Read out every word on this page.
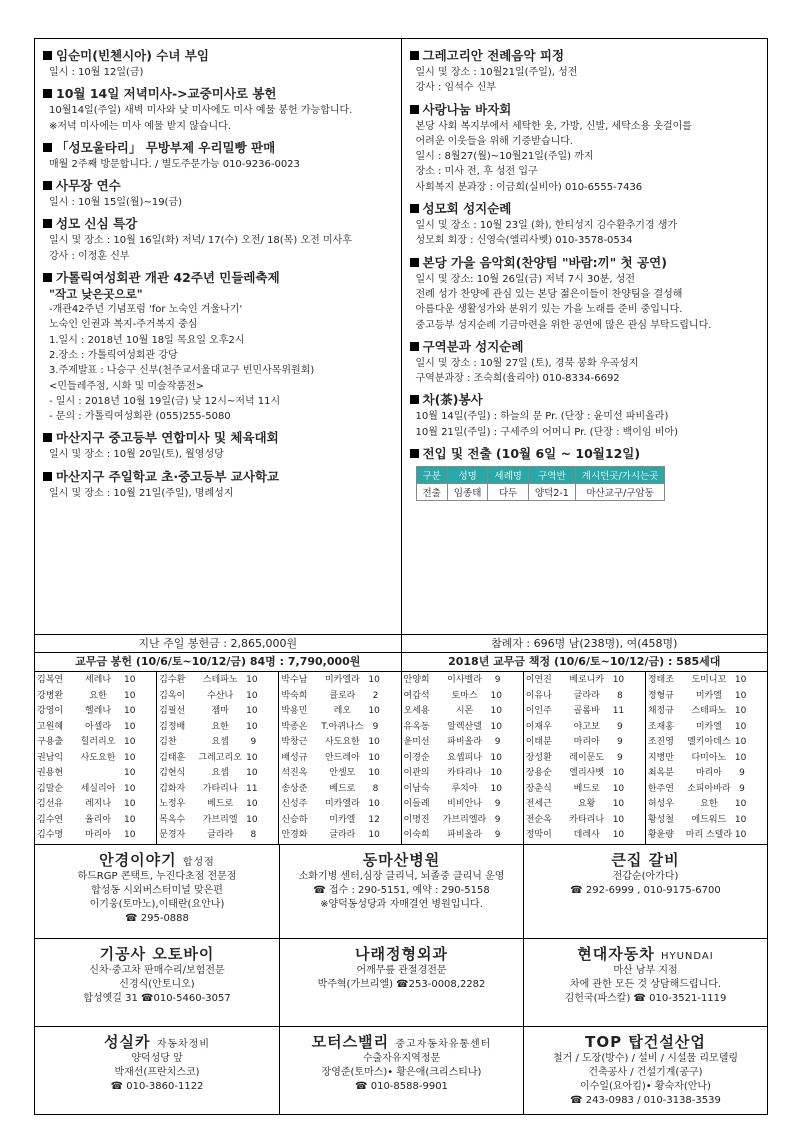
임순미(빈첸시아) 수녀 부임
일시 : 10월 12일(금)
10월 14일 저녁미사->교중미사로 봉헌
10월14일(주일) 새벽 미사와 낮 미사에도 미사 예물 봉헌 가능합니다.
※저녁 미사에는 미사 예물 받지 않습니다.
「성모울타리」 무방부제 우리밀빵 판매
매월 2주째 방문합니다. / 별도주문가능 010-9236-0023
사무장 연수
일시 : 10월 15일(월)~19(금)
성모 신심 특강
일시 및 장소 : 10월 16일(화) 저녁/ 17(수) 오전/ 18(목) 오전 미사후
강사 : 이정훈 신부
가톨릭여성회관 개관 42주년 민들레축제
"작고 낮은곳으로"
-개관42주년 기념포럼 'for 노숙인 겨울나기'
노숙인 인권과 복지-주거복지 중심
1.일시 : 2018년 10월 18일 목요일 오후2시
2.장소 : 가톨릭여성회관 강당
3.주제발표 : 나승구 신부(천주교서울대교구 빈민사목위원회)
<민들레주점, 시화 및 미술작품전>
- 일시 : 2018년 10월 19일(금) 낮 12시~저녁 11시
- 문의 : 가톨릭여성회관 (055)255-5080
마산지구 중고등부 연합미사 및 체육대회
일시 및 장소 : 10월 20일(토), 월영성당
마산지구 주일학교 초·중고등부 교사학교
일시 및 장소 : 10월 21일(주일), 명례성지
그레고리안 전례음악 피정
일시 및 장소 : 10월21일(주일), 성전
강사 : 임석수 신부
사랑나눔 바자회
본당 사회 복지부에서 세탁한 옷, 가방, 신발, 세탁소용 옷걸이를
어려운 이웃들을 위해 기증받습니다.
일시 : 8월27(월)~10월21일(주일) 까지
장소 : 미사 전, 후 성전 입구
사회복지 분과장 : 이금희(실비아) 010-6555-7436
성모회 성지순례
일시 및 장소 : 10월 23일 (화), 한티성지 김수환추기경 생가
성모회 회장 : 신영숙(엘리사벳) 010-3578-0534
본당 가을 음악회(찬양팀 "바람:끼" 첫 공연)
일시 및 장소: 10월 26일(금) 저녁 7시 30분, 성전
전례 성가 찬양에 관심 있는 본당 젊은이들이 찬양팀을 결성해
아름다운 생활성가와 분위기 있는 가을 노래를 준비 중입니다.
중고등부 성지순례 기금마련을 위한 공연에 많은 관심 부탁드립니다.
구역분과 성지순례
일시 및 장소 : 10월 27일 (토), 경북 봉화 우곡성지
구역분과장 : 조숙희(율리아) 010-8334-6692
차(茶)봉사
10월 14일(주일) : 하늘의 문 Pr. (단장 : 윤미선 파비올라)
10월 21일(주일) : 구세주의 어머니 Pr. (단장 : 백이임 비아)
전입 및 전출 (10월 6일 ~ 10월12일)
구분	성명	세례명	구역반	계시던곳/가시는곳
전출	임종태	다두	양덕2-1	마산교구/구암동
지난 주일 봉헌금 : 2,865,000원	참례자 : 696명 남(238명), 여(458명)
교무금 봉헌 (10/6/토~10/12/금) 84명 : 7,790,000원	2018년 교무금 책정 (10/6/토~10/12/금) : 585세대
김복연	세레나	10
강병완	요한	10
강영이	헬레나	10
고원혜	아셀라	10
구용출	힐러리오 10
권남익	사도요한 10
권용현	10
김말순	세실리아 10
김선유	레지나	10
김수연	율리아	10
김수명	마리아	10
김수환	스테파노 10
김옥이	수산나	10
김필선	젬마	10
김정배	요한	10
김찬	요셉	9
김태훈	그레고리오 10
김현식	요셉	10
김화자	가타리나 11
노정우	베드로	10
목옥수	가브리엘 10
문경자	글라라	8
박수남	미카엘라 10
박숙희	클로라	2
박용민	레오	10
박종온	T.아퀴나스	9
박창근	사도요한 10
배성규	안드레아 10
석진옥	안셀모	10
송상준	베드로	8
신성주	미카엘라 10
신승하	미카엘	12
안경화	글라라	10
안양희	이사벨라	9
여갑석	토마스	10
오세용	시몬	10
유옥동	알렉산델 10
윤미선	파비올라	9
이경순	요셉피나 10
이관의	카타리나 10
이남숙	루치아	10
이들례	비비안나	9
이명진	가브리엘라 9
이숙희	파비올라	9
이연진	베로니카 10
이유나	글라라	8
이인주	골롬바	11
이재우	야고보	9
이태분	마리아	9
장성환	레이문도	9
장용순	엘리사벳 10
장춘식	베드로	10
전세근	요왕	10
전순옥	카타리나 10
정막이	데레사	10
정태조	도미니꼬 10
정형규	미카엘	10
채정규	스테파노 10
조재홍	미카엘	10
조진영	멜키아데스 10
지병만	다미아노 10
최옥분	마리아	9
한주연	소피아바라 9
허성우	요한	10
황성철	에드워드 10
황윤량	마리 스텔라 10
안경이야기 합성점
하드RGP 콘택트, 누진다초점 전문점
합성동 시외버스터미널 맞은편
이기웅(토마노),이태란(요안나)
☎ 295-0888
동마산병원
소화기병 센터,심장 클리닉, 뇌졸중 클리닉 운영
☎ 접수 : 290-5151, 예약 : 290-5158
※양덕동성당과 자매결연 병원입니다.
큰집 갈비
전갑순(아가다)
☎ 292-6999 , 010-9175-6700
기공사 오토바이
신차·중고차 판매수리/보험전문
신경식(안토니오)
합성옛길 31 ☎010-5460-3057
나래정형외과
어깨무릎 관절경전문
박주혁(가브리엘) ☎253-0008,2282
현대자동차 HYUNDAI
마산 남부 지점
차에 관한 모든 것 상담해드립니다.
김헌국(파스칼) ☎ 010-3521-1119
성실카 자동차정비
양덕성당 앞
박재선(프란치스코)
☎ 010-3860-1122
모터스밸리 중고자동차유통센터
수출자유지역정문
장영준(토마스)• 황은애(크리스티나)
☎ 010-8588-9901
TOP 탑건설산업
철거 / 도장(방수) / 설비 / 시설물 리모델링
건축공사 / 건설기계(공구)
이수일(요아킴)• 황숙자(안나)
☎ 243-0983 / 010-3138-3539
